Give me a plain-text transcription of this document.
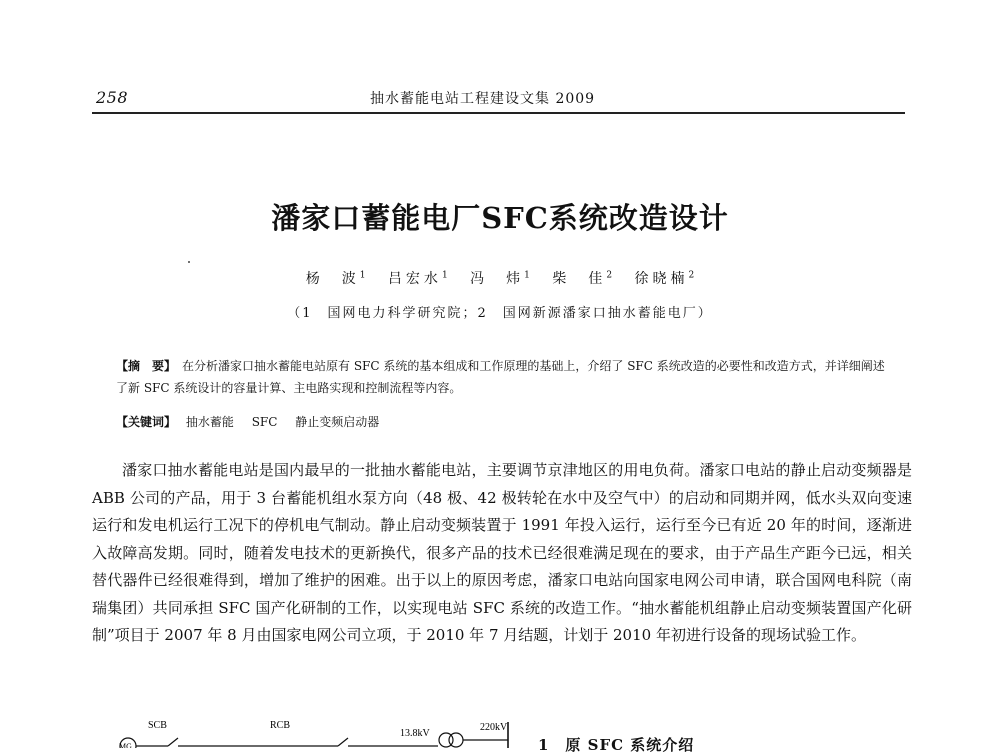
258	抽水蓄能电站工程建设文集 2009
潘家口蓄能电厂SFC系统改造设计
杨　波$^1$ 吕宏水$^1$ 冯　炜$^1$ 柴　佳$^2$ 徐晓楠$^2$
（1　国网电力科学研究院；2　国网新源潘家口抽水蓄能电厂）
【摘　要】 在分析潘家口抽水蓄能电站原有 SFC 系统的基本组成和工作原理的基础上，介绍了 SFC 系统改造的必要性和改造方式，并详细阐述了新 SFC 系统设计的容量计算、主电路实现和控制流程等内容。
【关键词】 抽水蓄能 SFC 静止变频启动器
潘家口抽水蓄能电站是国内最早的一批抽水蓄能电站，主要调节京津地区的用电负荷。潘家口电站的静止启动变频器是 ABB 公司的产品，用于 3 台蓄能机组水泵方向（48 极、42 极转轮在水中及空气中）的启动和同期并网，低水头双向变速运行和发电机运行工况下的停机电气制动。静止启动变频装置于 1991 年投入运行，运行至今已有近 20 年的时间，逐渐进入故障高发期。同时，随着发电技术的更新换代，很多产品的技术已经很难满足现在的要求，由于产品生产距今已远，相关替代器件已经很难得到，增加了维护的困难。出于以上的原因考虑，潘家口电站向国家电网公司申请，联合国网电科院（南瑞集团）共同承担 SFC 国产化研制的工作，以实现电站 SFC 系统的改造工作。“抽水蓄能机组静止启动变频装置国产化研制”项目于 2007 年 8 月由国家电网公司立项，于 2010 年 7 月结题，计划于 2010 年初进行设备的现场试验工作。
SCB	RCB
13.8kV
220kV
MG	1　原 SFC 系统介绍
